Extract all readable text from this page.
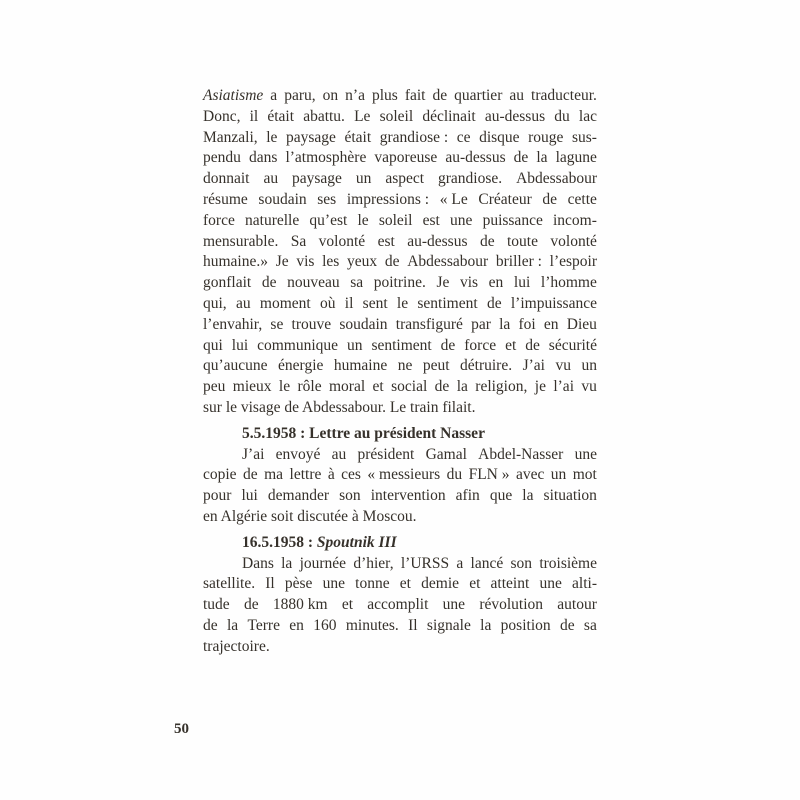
Asiatisme a paru, on n’a plus fait de quartier au traducteur.
Donc, il était abattu. Le soleil déclinait au-dessus du lac
Manzali, le paysage était grandiose : ce disque rouge sus-
pendu dans l’atmosphère vaporeuse au-dessus de la lagune
donnait au paysage un aspect grandiose. Abdessabour
résume soudain ses impressions : « Le Créateur de cette
force naturelle qu’est le soleil est une puissance incom-
mensurable. Sa volonté est au-dessus de toute volonté
humaine.» Je vis les yeux de Abdessabour briller : l’espoir
gonflait de nouveau sa poitrine. Je vis en lui l’homme
qui, au moment où il sent le sentiment de l’impuissance
l’envahir, se trouve soudain transfiguré par la foi en Dieu
qui lui communique un sentiment de force et de sécurité
qu’aucune énergie humaine ne peut détruire. J’ai vu un
peu mieux le rôle moral et social de la religion, je l’ai vu
sur le visage de Abdessabour. Le train filait.
5.5.1958 : Lettre au président Nasser
J’ai envoyé au président Gamal Abdel-Nasser une
copie de ma lettre à ces « messieurs du FLN » avec un mot
pour lui demander son intervention afin que la situation
en Algérie soit discutée à Moscou.
16.5.1958 : Spoutnik III
Dans la journée d’hier, l’URSS a lancé son troisième
satellite. Il pèse une tonne et demie et atteint une alti-
tude de 1880 km et accomplit une révolution autour
de la Terre en 160 minutes. Il signale la position de sa
trajectoire.
50
